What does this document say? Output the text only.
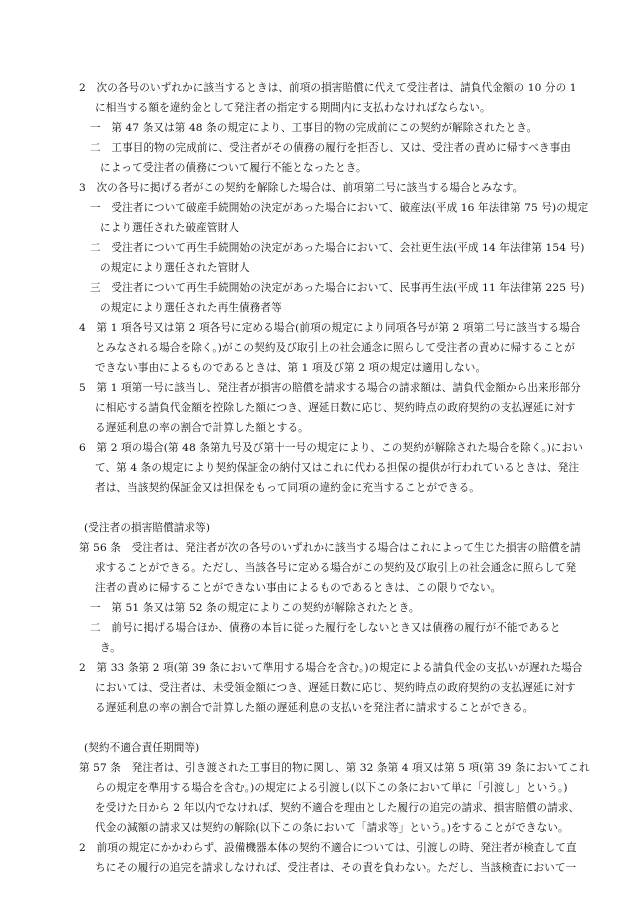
2　次の各号のいずれかに該当するときは、前項の損害賠償に代えて受注者は、請負代金額の 10 分の 1
に相当する額を違約金として発注者の指定する期間内に支払わなければならない。
一　第 47 条又は第 48 条の規定により、工事目的物の完成前にこの契約が解除されたとき。
二　工事目的物の完成前に、受注者がその債務の履行を拒否し、又は、受注者の責めに帰すべき事由
によって受注者の債務について履行不能となったとき。
3　次の各号に掲げる者がこの契約を解除した場合は、前項第二号に該当する場合とみなす。
一　受注者について破産手続開始の決定があった場合において、破産法(平成 16 年法律第 75 号)の規定
により選任された破産管財人
二　受注者について再生手続開始の決定があった場合において、会社更生法(平成 14 年法律第 154 号)
の規定により選任された管財人
三　受注者について再生手続開始の決定があった場合において、民事再生法(平成 11 年法律第 225 号)
の規定により選任された再生債務者等
4　第 1 項各号又は第 2 項各号に定める場合(前項の規定により同項各号が第 2 項第二号に該当する場合
とみなされる場合を除く。)がこの契約及び取引上の社会通念に照らして受注者の責めに帰することが
できない事由によるものであるときは、第 1 項及び第 2 項の規定は適用しない。
5　第 1 項第一号に該当し、発注者が損害の賠償を請求する場合の請求額は、請負代金額から出来形部分
に相応する請負代金額を控除した額につき、遅延日数に応じ、契約時点の政府契約の支払遅延に対す
る遅延利息の率の割合で計算した額とする。
6　第 2 項の場合(第 48 条第九号及び第十一号の規定により、この契約が解除された場合を除く。)におい
て、第 4 条の規定により契約保証金の納付又はこれに代わる担保の提供が行われているときは、発注
者は、当該契約保証金又は担保をもって同項の違約金に充当することができる。
(受注者の損害賠償請求等)
第 56 条　受注者は、発注者が次の各号のいずれかに該当する場合はこれによって生じた損害の賠償を請
求することができる。ただし、当該各号に定める場合がこの契約及び取引上の社会通念に照らして発
注者の責めに帰することができない事由によるものであるときは、この限りでない。
一　第 51 条又は第 52 条の規定によりこの契約が解除されたとき。
二　前号に掲げる場合ほか、債務の本旨に従った履行をしないとき又は債務の履行が不能であると
き。
2　第 33 条第 2 項(第 39 条において準用する場合を含む。)の規定による請負代金の支払いが遅れた場合
においては、受注者は、未受領金額につき、遅延日数に応じ、契約時点の政府契約の支払遅延に対す
る遅延利息の率の割合で計算した額の遅延利息の支払いを発注者に請求することができる。
(契約不適合責任期間等)
第 57 条　発注者は、引き渡された工事目的物に関し、第 32 条第 4 項又は第 5 項(第 39 条においてこれ
らの規定を準用する場合を含む。)の規定による引渡し(以下この条において単に「引渡し」という。)
を受けた日から 2 年以内でなければ、契約不適合を理由とした履行の追完の請求、損害賠償の請求、
代金の減額の請求又は契約の解除(以下この条において「請求等」という。)をすることができない。
2　前項の規定にかかわらず、設備機器本体の契約不適合については、引渡しの時、発注者が検査して直
ちにその履行の追完を請求しなければ、受注者は、その責を負わない。ただし、当該検査において一
